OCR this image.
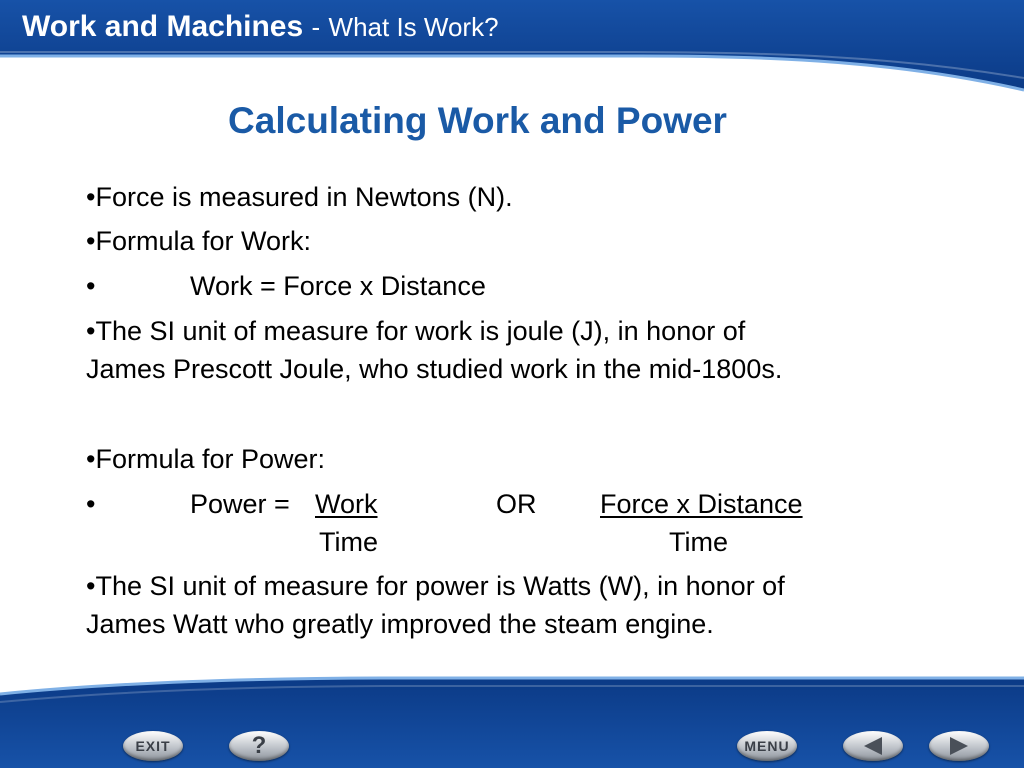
Work and Machines - What Is Work?
Calculating Work and Power

•Force is measured in Newtons (N).

•Formula for Work:

•	Work = Force x Distance

•The SI unit of measure for work is joule (J), in honor of

James Prescott Joule, who studied work in the mid-1800s.

•Formula for Power:

•	Power = Work	OR Force x Distance
Time	Time

•The SI unit of measure for power is Watts (W), in honor of

James Watt who greatly improved the steam engine.

EXIT	?	MENU
